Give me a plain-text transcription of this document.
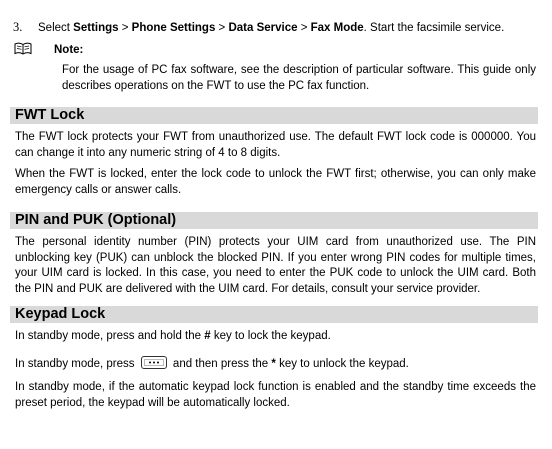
3. Select Settings > Phone Settings > Data Service > Fax Mode. Start the facsimile service.

Note:

For the usage of PC fax software, see the description of particular software. This guide only describes operations on the FWT to use the PC fax function.

FWT Lock

The FWT lock protects your FWT from unauthorized use. The default FWT lock code is 000000. You can change it into any numeric string of 4 to 8 digits.

When the FWT is locked, enter the lock code to unlock the FWT first; otherwise, you can only make emergency calls or answer calls.

PIN and PUK (Optional)

The personal identity number (PIN) protects your UIM card from unauthorized use. The PIN unblocking key (PUK) can unblock the blocked PIN. If you enter wrong PIN codes for multiple times, your UIM card is locked. In this case, you need to enter the PUK code to unlock the UIM card. Both the PIN and PUK are delivered with the UIM card. For details, consult your service provider.

Keypad Lock

In standby mode, press and hold the # key to lock the keypad.

In standby mode, press	and then press the * key to unlock the keypad.

In standby mode, if the automatic keypad lock function is enabled and the standby time exceeds the preset period, the keypad will be automatically locked.
